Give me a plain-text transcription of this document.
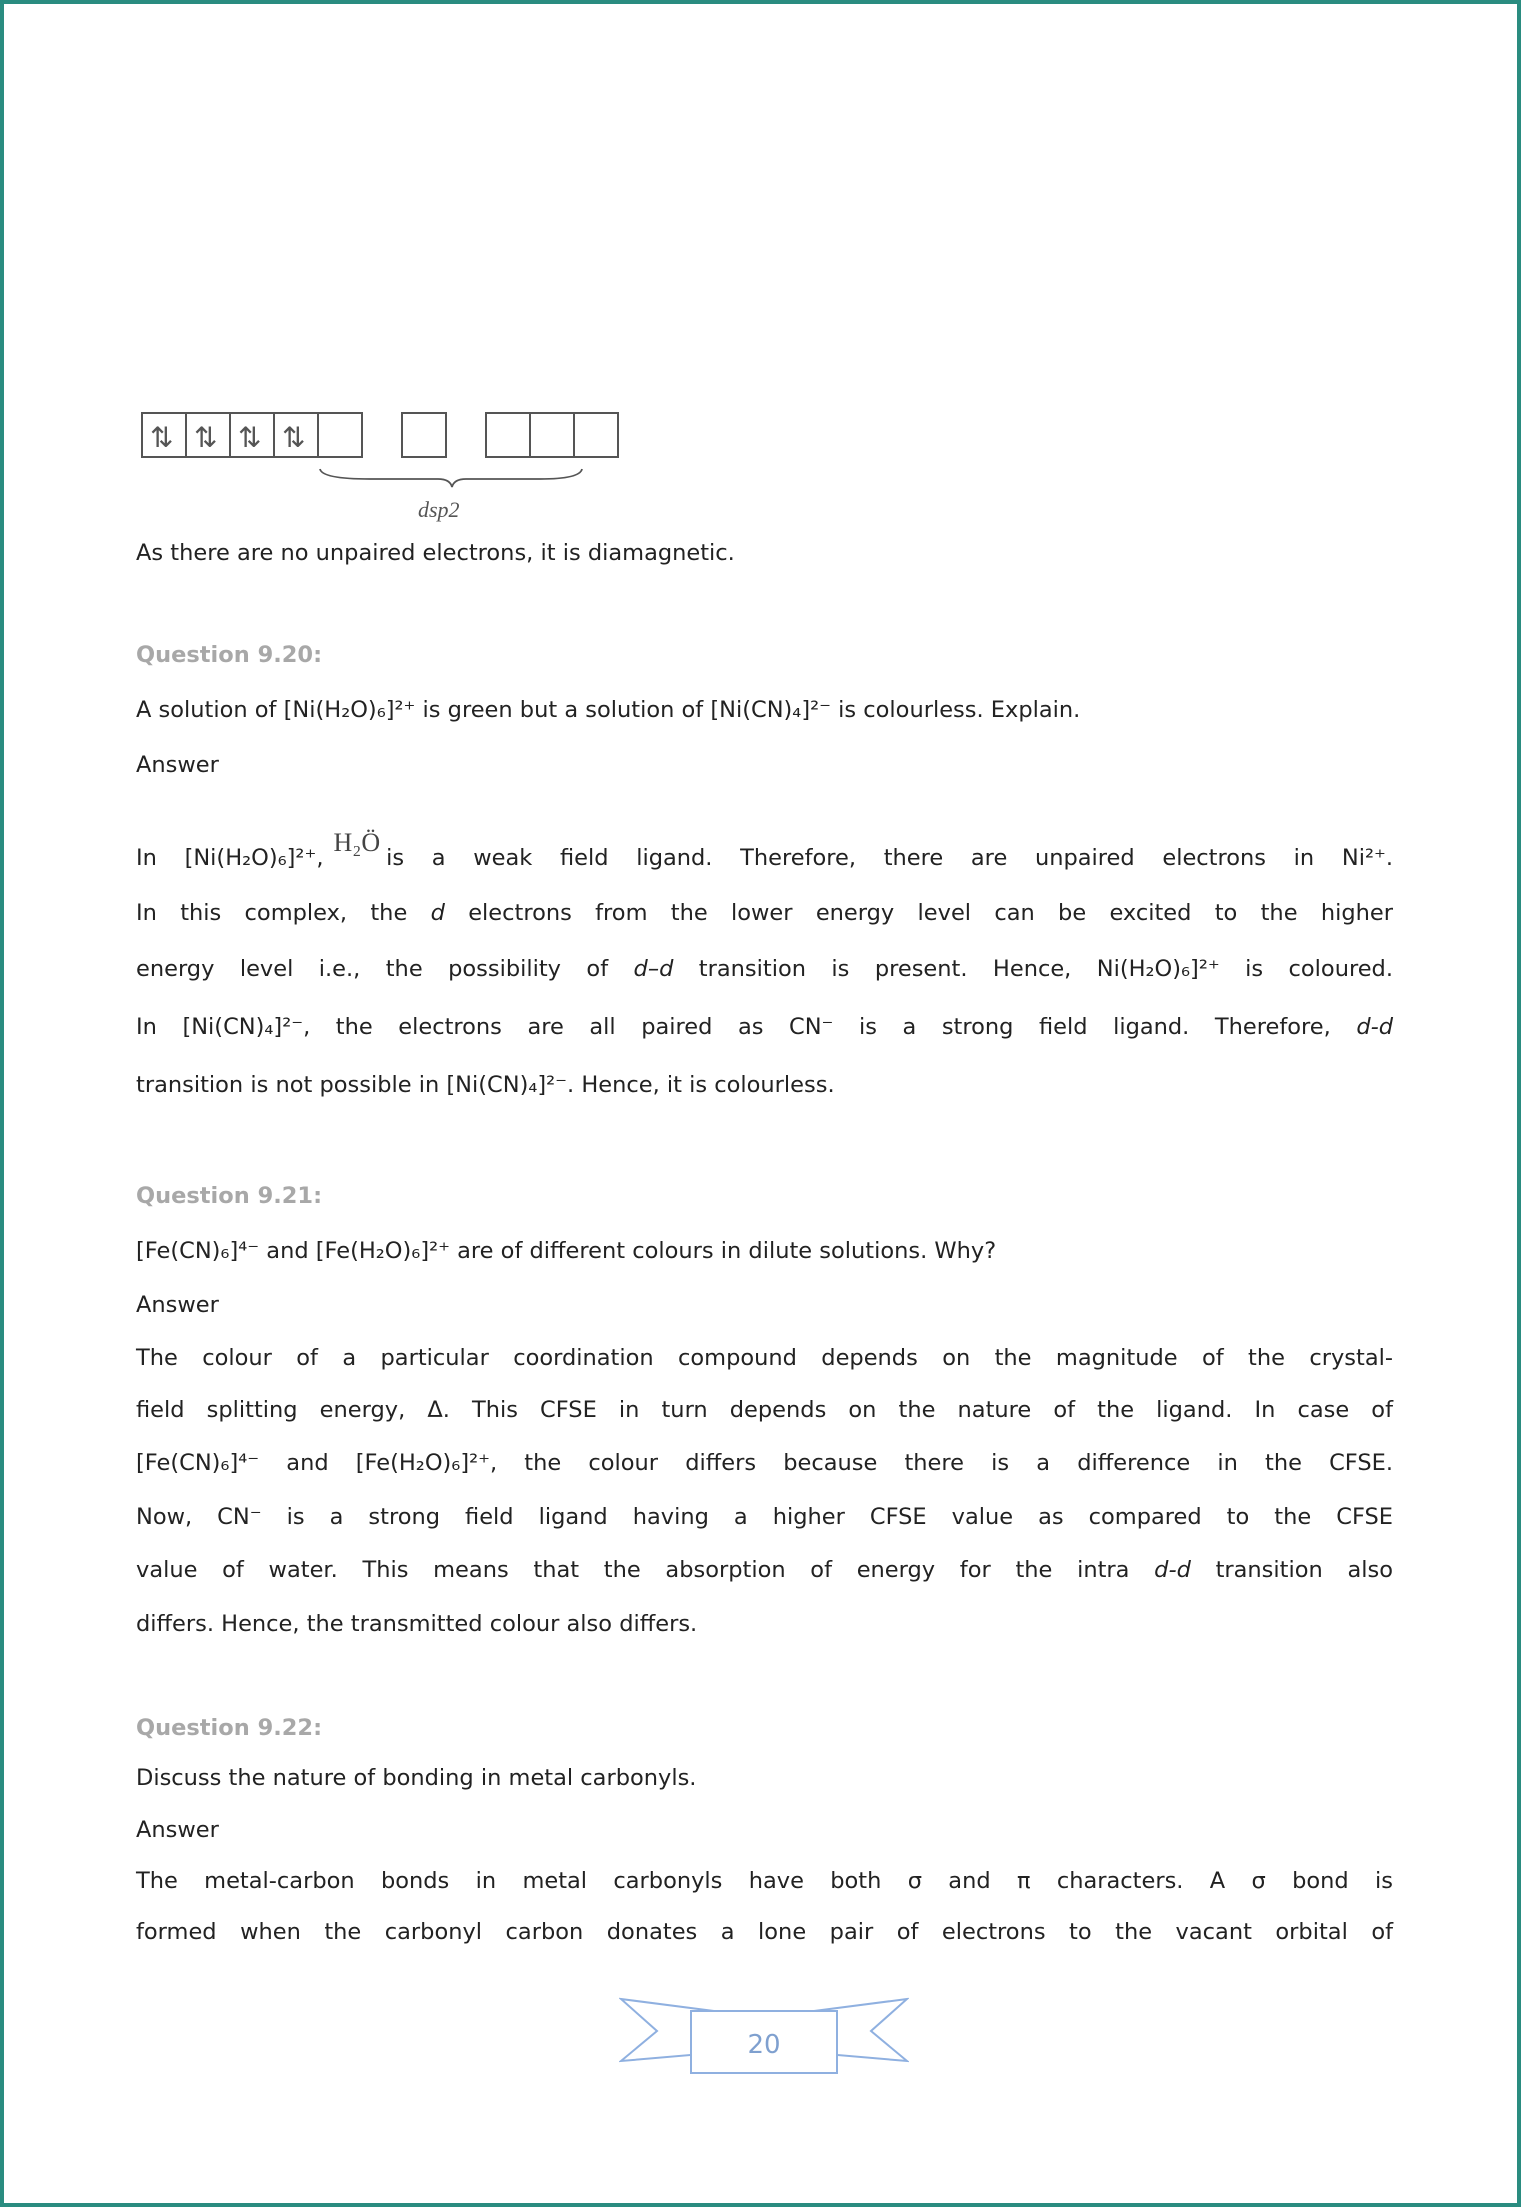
⇅ ⇅ ⇅ ⇅
dsp2
As there are no unpaired electrons, it is diamagnetic.
Question 9.20:
A solution of [Ni(H₂O)₆]²⁺ is green but a solution of [Ni(CN)₄]²⁻ is colourless. Explain.
Answer
In [Ni(H₂O)₆]²⁺,H₂Öis a weak field ligand. Therefore, there are unpaired electrons in Ni²⁺.
In this complex, the d electrons from the lower energy level can be excited to the higher
energy level i.e., the possibility of d–d transition is present. Hence, Ni(H₂O)₆]²⁺ is coloured.
In [Ni(CN)₄]²⁻, the electrons are all paired as CN⁻ is a strong field ligand. Therefore, d-d
transition is not possible in [Ni(CN)₄]²⁻. Hence, it is colourless.
Question 9.21:
[Fe(CN)₆]⁴⁻ and [Fe(H₂O)₆]²⁺ are of different colours in dilute solutions. Why?
Answer
The colour of a particular coordination compound depends on the magnitude of the crystal-
field splitting energy, Δ. This CFSE in turn depends on the nature of the ligand. In case of
[Fe(CN)₆]⁴⁻ and [Fe(H₂O)₆]²⁺, the colour differs because there is a difference in the CFSE.
Now, CN⁻ is a strong field ligand having a higher CFSE value as compared to the CFSE
value of water. This means that the absorption of energy for the intra d-d transition also
differs. Hence, the transmitted colour also differs.
Question 9.22:
Discuss the nature of bonding in metal carbonyls.
Answer
The metal-carbon bonds in metal carbonyls have both σ and π characters. A σ bond is
formed when the carbonyl carbon donates a lone pair of electrons to the vacant orbital of
20
